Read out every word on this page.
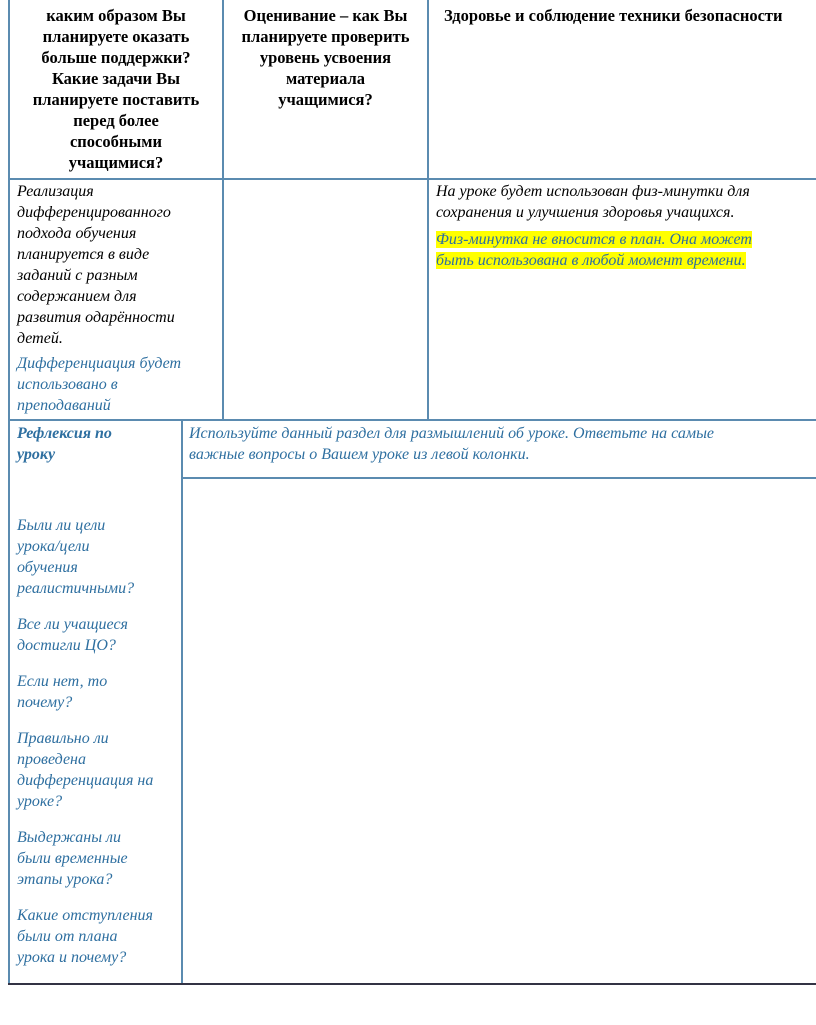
каким образом Вы
планируете оказать
больше поддержки?
Какие задачи Вы
планируете поставить
перед более
способными
учащимися?
Оценивание – как Вы
планируете проверить
уровень усвоения
материала
учащимися?
Здоровье и соблюдение техники безопасности
Реализация
дифференцированного
подхода обучения
планируется в виде
заданий с разным
содержанием для
развития одарённости
детей.
Дифференциация будет
использовано в
преподаваний
На уроке будет использован физ-минутки для
сохранения и улучшения здоровья учащихся.
Физ-минутка не вносится в план. Она может
быть использована в любой момент времени.
Рефлексия по
уроку
Используйте данный раздел для размышлений об уроке. Ответьте на самые
важные вопросы о Вашем уроке из левой колонки.
Были ли цели
урока/цели
обучения
реалистичными?
Все ли учащиеся
достигли ЦО?
Если нет, то
почему?
Правильно ли
проведена
дифференциация на
уроке?
Выдержаны ли
были временные
этапы урока?
Какие отступления
были от плана
урока и почему?
